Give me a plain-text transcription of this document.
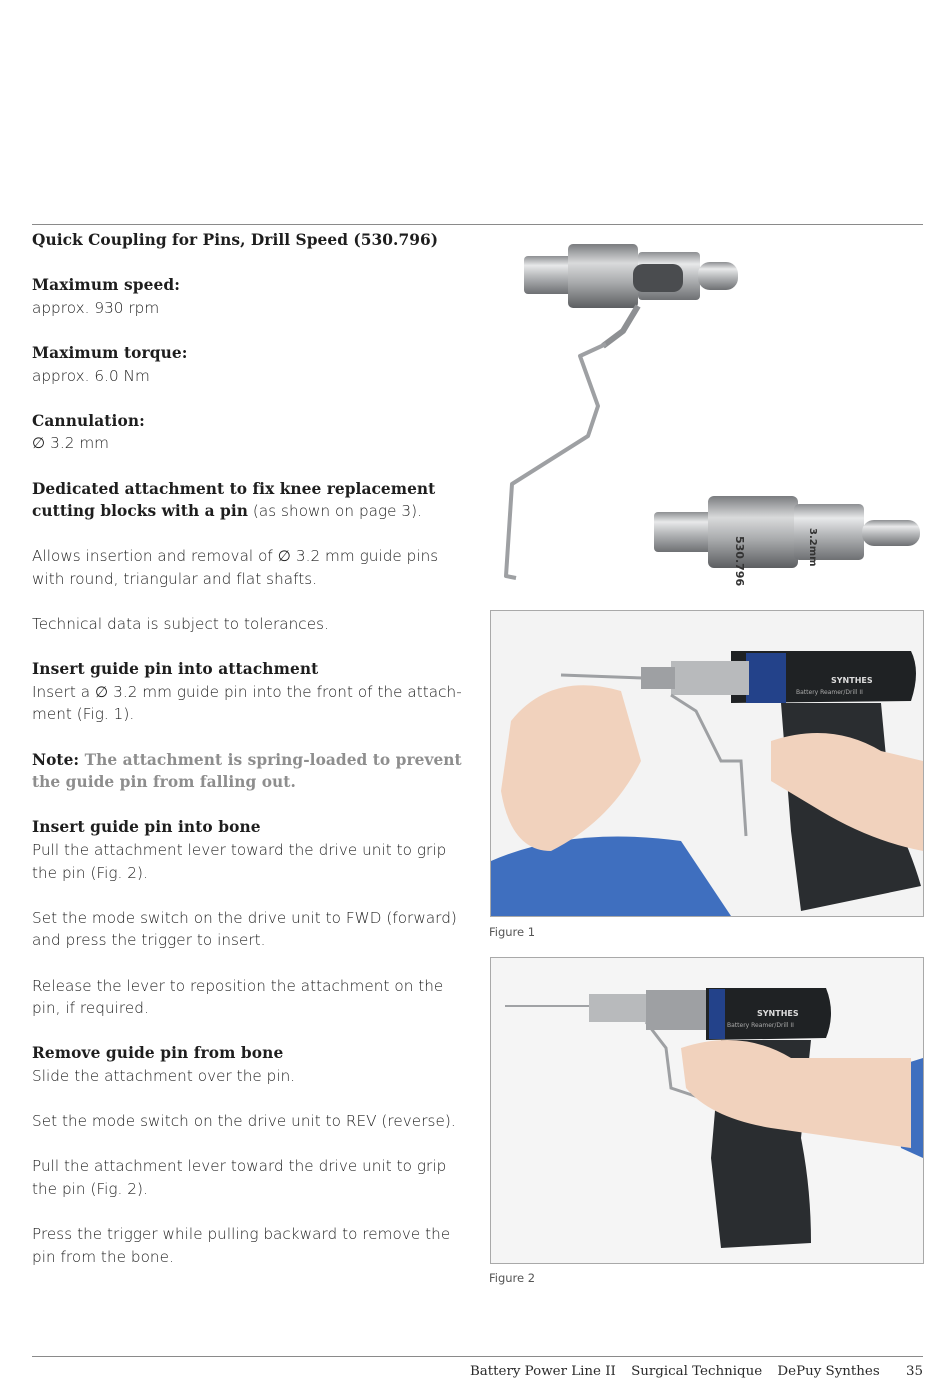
Quick Coupling for Pins, Drill Speed (530.796)

Maximum speed:
approx. 930 rpm

Maximum torque:
approx. 6.0 Nm

Cannulation:
∅ 3.2 mm

Dedicated attachment to fix knee replacement cutting blocks with a pin (as shown on page 3).

Allows insertion and removal of ∅ 3.2 mm guide pins with round, triangular and flat shafts.

Technical data is subject to tolerances.

Insert guide pin into attachment
Insert a ∅ 3.2 mm guide pin into the front of the attachment (Fig. 1).

Note: The attachment is spring-loaded to prevent the guide pin from falling out.

Insert guide pin into bone
Pull the attachment lever toward the drive unit to grip the pin (Fig. 2).

Set the mode switch on the drive unit to FWD (forward) and press the trigger to insert.

Release the lever to reposition the attachment on the pin, if required.

Remove guide pin from bone
Slide the attachment over the pin.

Set the mode switch on the drive unit to REV (reverse).

Pull the attachment lever toward the drive unit to grip the pin (Fig. 2).

Press the trigger while pulling backward to remove the pin from the bone.

530.796	3.2mm
SYNTHES
Battery Reamer/Drill II
Figure 1
SYNTHES
Battery Reamer/Drill II
Figure 2
Battery Power Line II Surgical Technique DePuy Synthes 35
